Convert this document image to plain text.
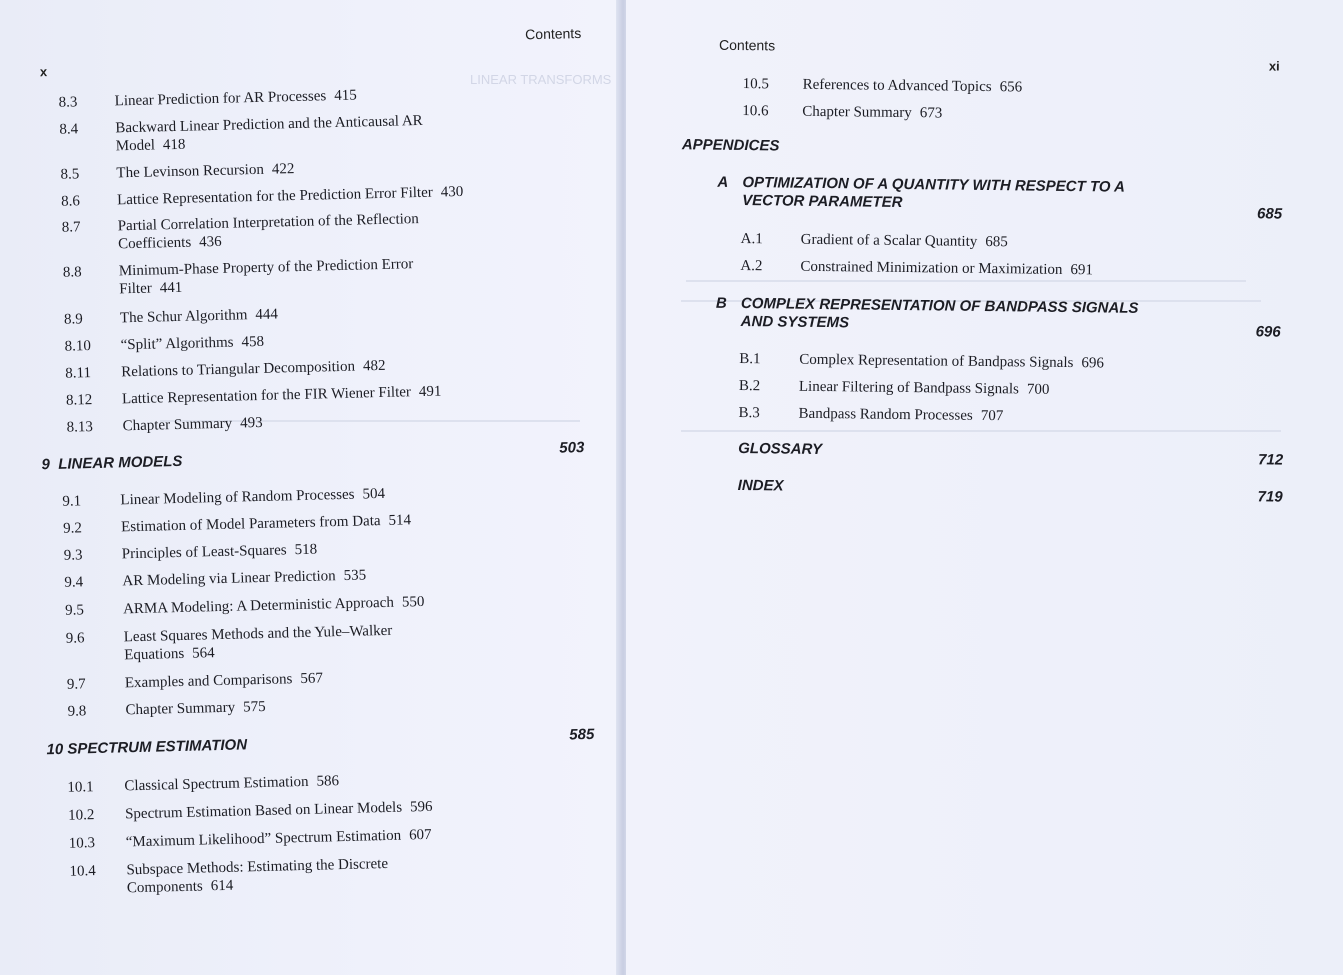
LINEAR TRANSFORMS
Contents
x
8.3	Linear Prediction for AR Processes 415
8.4	Backward Linear Prediction and the Anticausal AR Model 418
8.5	The Levinson Recursion 422
8.6	Lattice Representation for the Prediction Error Filter 430
8.7	Partial Correlation Interpretation of the Reflection Coefficients 436
8.8	Minimum-Phase Property of the Prediction Error Filter 441
8.9	The Schur Algorithm 444
8.10	“Split” Algorithms 458
8.11	Relations to Triangular Decomposition 482
8.12	Lattice Representation for the FIR Wiener Filter 491
8.13	Chapter Summary 493
9 LINEAR MODELS
503
9.1	Linear Modeling of Random Processes 504
9.2	Estimation of Model Parameters from Data 514
9.3	Principles of Least-Squares 518
9.4	AR Modeling via Linear Prediction 535
9.5	ARMA Modeling: A Deterministic Approach 550
9.6	Least Squares Methods and the Yule–Walker Equations 564
9.7	Examples and Comparisons 567
9.8	Chapter Summary 575
10 SPECTRUM ESTIMATION
585
10.1	Classical Spectrum Estimation 586
10.2	Spectrum Estimation Based on Linear Models 596
10.3	“Maximum Likelihood” Spectrum Estimation 607
10.4	Subspace Methods: Estimating the Discrete Components 614
Contents
xi
10.5	References to Advanced Topics 656
10.6	Chapter Summary 673
APPENDICES
A OPTIMIZATION OF A QUANTITY WITH RESPECT TO A VECTOR PARAMETER
685
A.1	Gradient of a Scalar Quantity 685
A.2	Constrained Minimization or Maximization 691
B COMPLEX REPRESENTATION OF BANDPASS SIGNALS AND SYSTEMS
696
B.1	Complex Representation of Bandpass Signals 696
B.2	Linear Filtering of Bandpass Signals 700
B.3	Bandpass Random Processes 707
GLOSSARY
712
INDEX
719
